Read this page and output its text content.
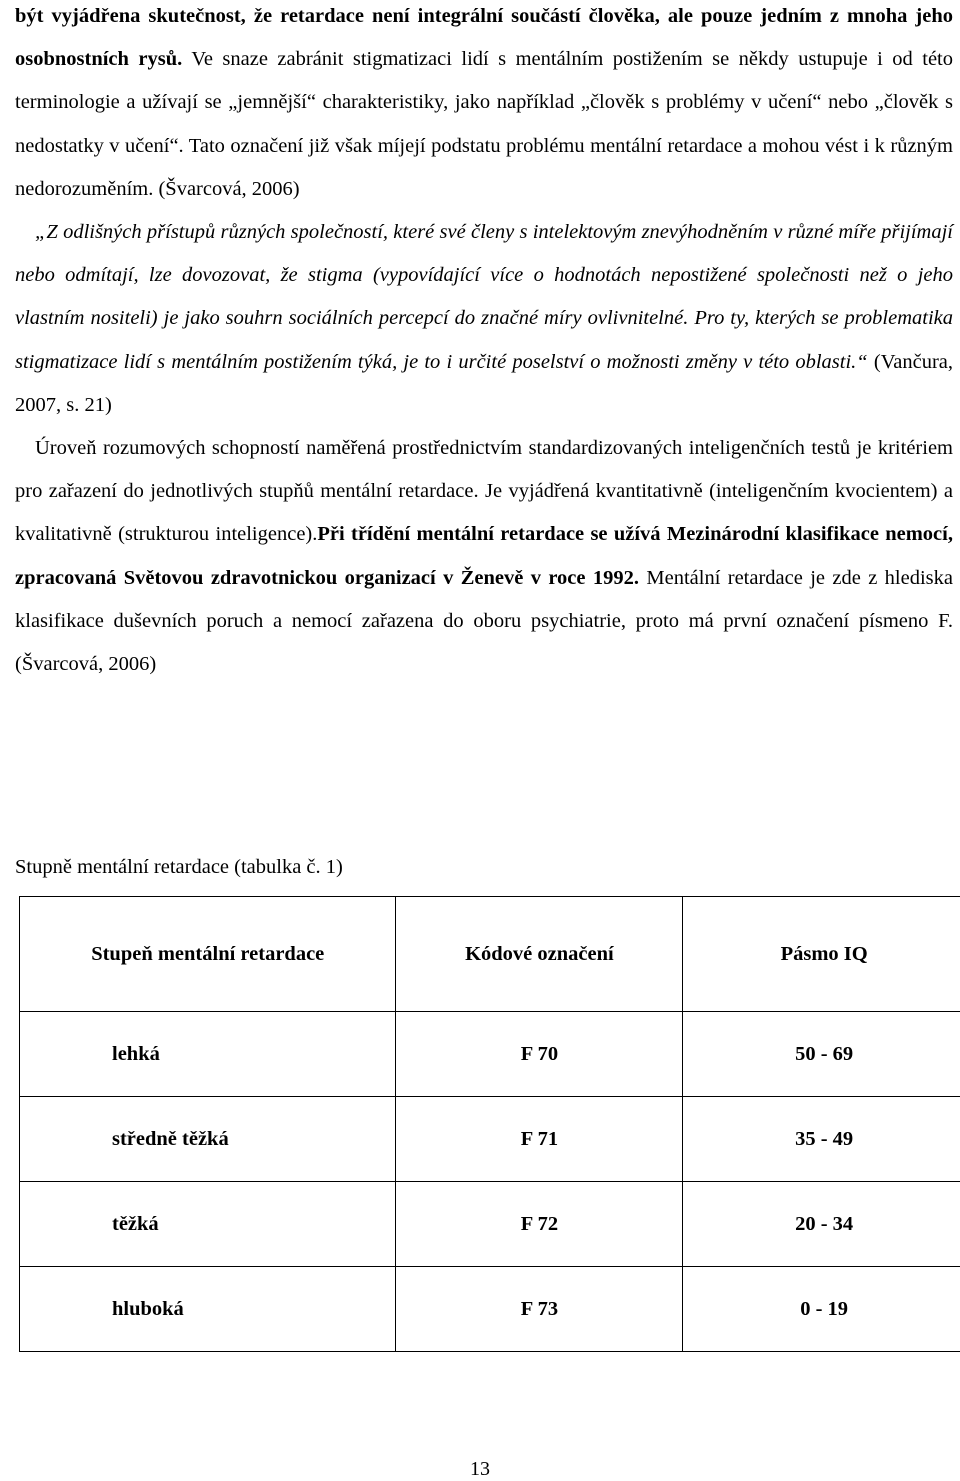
být vyjádřena skutečnost, že retardace není integrální součástí člověka, ale pouze jedním z mnoha jeho osobnostních rysů. Ve snaze zabránit stigmatizaci lidí s mentálním postižením se někdy ustupuje i od této terminologie a užívají se „jemnější“ charakteristiky, jako například „člověk s problémy v učení“ nebo „člověk s nedostatky v učení“. Tato označení již však míjejí podstatu problému mentální retardace a mohou vést i k různým nedorozuměním. (Švarcová, 2006)

„Z odlišných přístupů různých společností, které své členy s intelektovým znevýhodněním v různé míře přijímají nebo odmítají, lze dovozovat, že stigma (vypovídající více o hodnotách nepostižené společnosti než o jeho vlastním nositeli) je jako souhrn sociálních percepcí do značné míry ovlivnitelné. Pro ty, kterých se problematika stigmatizace lidí s mentálním postižením týká, je to i určité poselství o možnosti změny v této oblasti.“ (Vančura, 2007, s. 21)

Úroveň rozumových schopností naměřená prostřednictvím standardizovaných inteligenčních testů je kritériem pro zařazení do jednotlivých stupňů mentální retardace. Je vyjádřená kvantitativně (inteligenčním kvocientem) a kvalitativně (strukturou inteligence).Při třídění mentální retardace se užívá Mezinárodní klasifikace nemocí, zpracovaná Světovou zdravotnickou organizací v Ženevě v roce 1992. Mentální retardace je zde z hlediska klasifikace duševních poruch a nemocí zařazena do oboru psychiatrie, proto má první označení písmeno F. (Švarcová, 2006)

Stupně mentální retardace (tabulka č. 1)

Stupeň mentální retardace	Kódové označení	Pásmo IQ
lehká	F 70	50 - 69
středně těžká	F 71	35 - 49
těžká	F 72	20 - 34
hluboká	F 73	0 - 19
13
